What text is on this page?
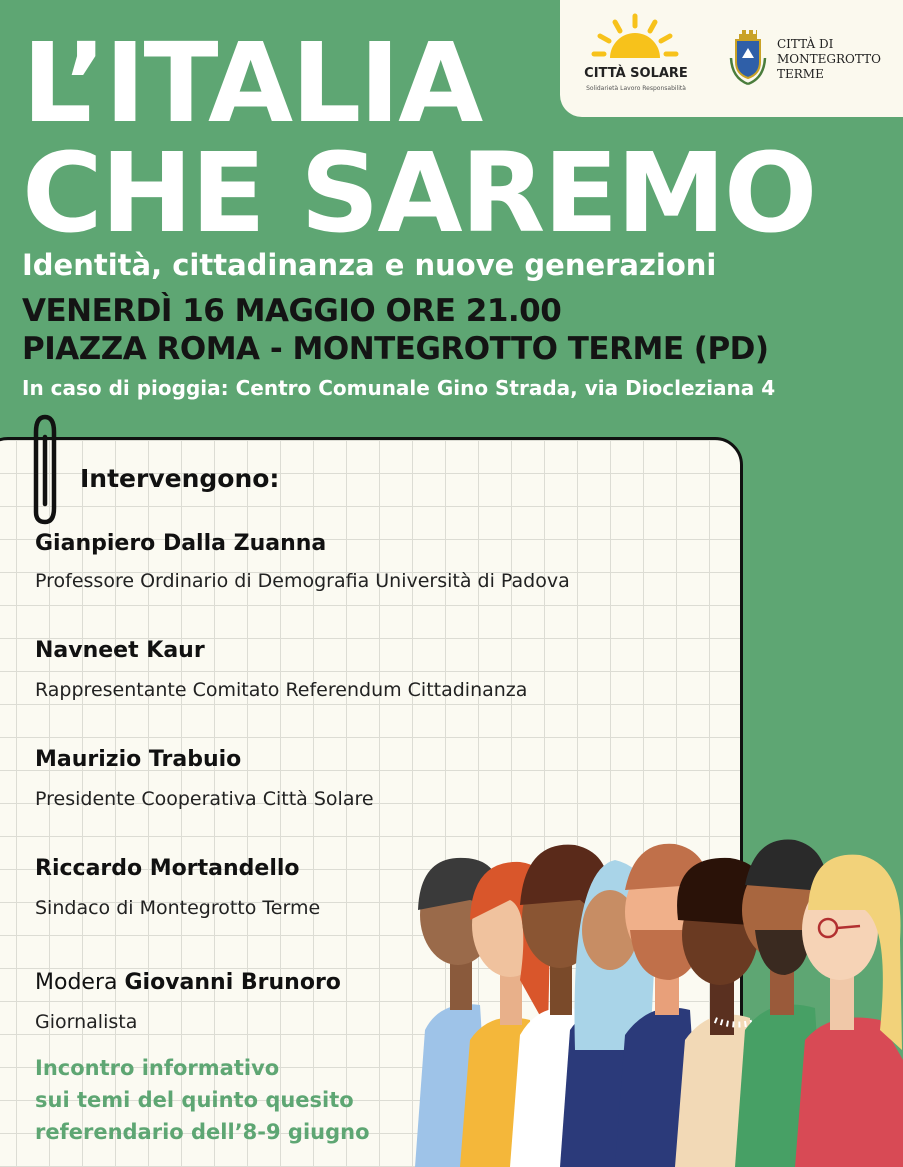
L’ITALIA
CHE SAREMO

Identità, cittadinanza e nuove generazioni

VENERDÌ 16 MAGGIO ORE 21.00

PIAZZA ROMA - MONTEGROTTO TERME (PD)

In caso di pioggia: Centro Comunale Gino Strada, via Diocleziana 4

CITTÀ SOLARE

Solidarietà Lavoro Responsabilità

CITTÀ DI

MONTEGROTTO

TERME

Intervengono:

Gianpiero Dalla Zuanna

Professore Ordinario di Demografia Università di Padova

Navneet Kaur

Rappresentante Comitato Referendum Cittadinanza

Maurizio Trabuio

Presidente Cooperativa Città Solare

Riccardo Mortandello

Sindaco di Montegrotto Terme

Modera Giovanni Brunoro

Giornalista

Incontro informativo

sui temi del quinto quesito

referendario dell’8-9 giugno
